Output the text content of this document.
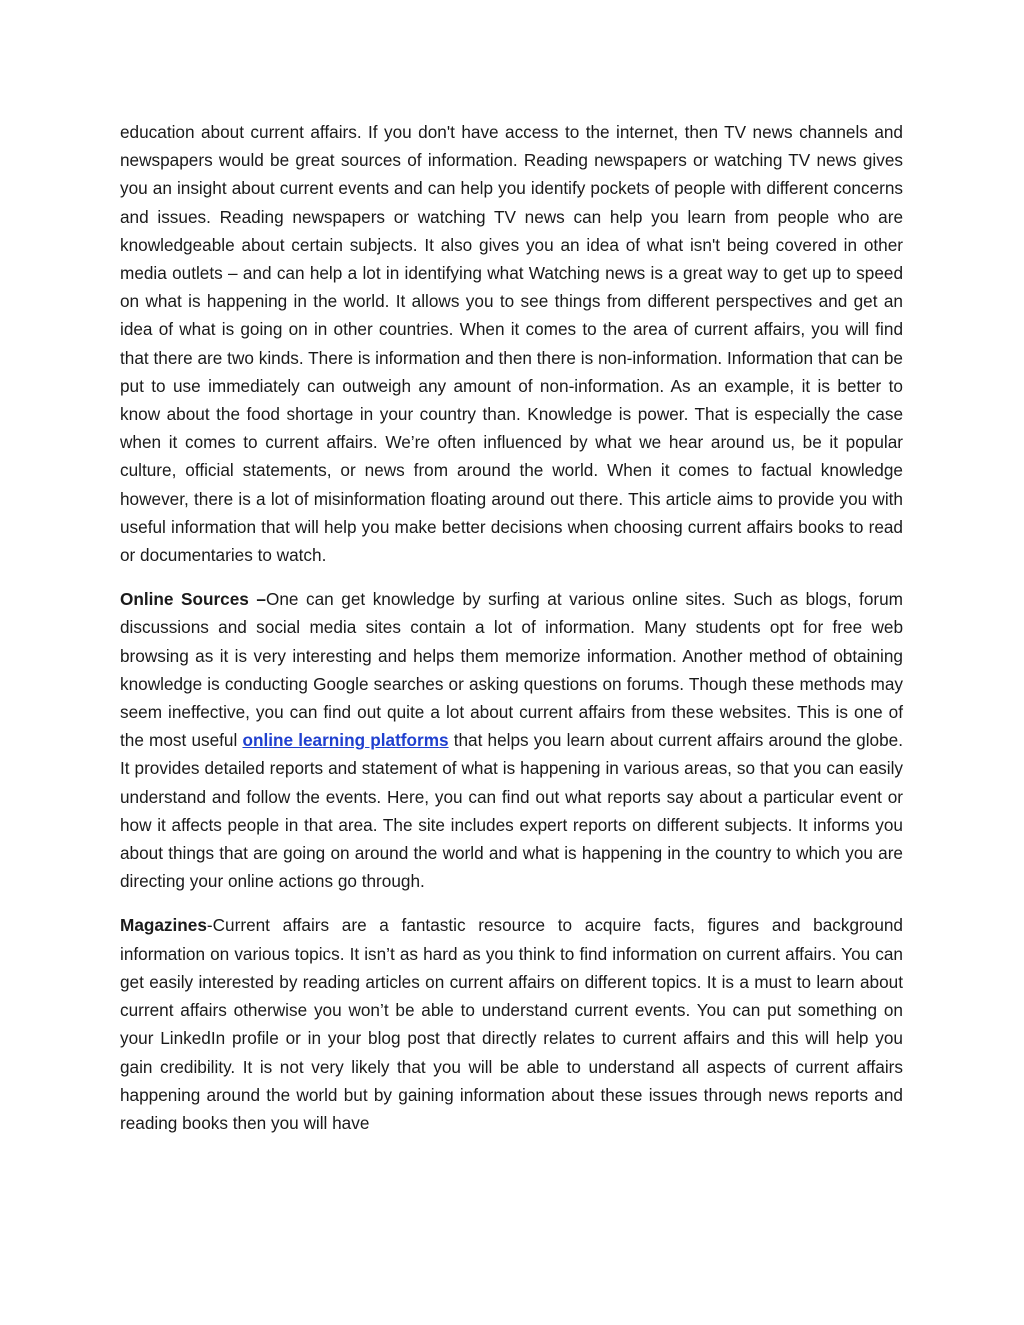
education about current affairs. If you don't have access to the internet, then TV news channels and newspapers would be great sources of information. Reading newspapers or watching TV news gives you an insight about current events and can help you identify pockets of people with different concerns and issues. Reading newspapers or watching TV news can help you learn from people who are knowledgeable about certain subjects. It also gives you an idea of what isn't being covered in other media outlets – and can help a lot in identifying what Watching news is a great way to get up to speed on what is happening in the world. It allows you to see things from different perspectives and get an idea of what is going on in other countries. When it comes to the area of current affairs, you will find that there are two kinds. There is information and then there is non-information. Information that can be put to use immediately can outweigh any amount of non-information. As an example, it is better to know about the food shortage in your country than. Knowledge is power. That is especially the case when it comes to current affairs. We’re often influenced by what we hear around us, be it popular culture, official statements, or news from around the world. When it comes to factual knowledge however, there is a lot of misinformation floating around out there. This article aims to provide you with useful information that will help you make better decisions when choosing current affairs books to read or documentaries to watch.

Online Sources –One can get knowledge by surfing at various online sites. Such as blogs, forum discussions and social media sites contain a lot of information. Many students opt for free web browsing as it is very interesting and helps them memorize information. Another method of obtaining knowledge is conducting Google searches or asking questions on forums. Though these methods may seem ineffective, you can find out quite a lot about current affairs from these websites. This is one of the most useful online learning platforms that helps you learn about current affairs around the globe. It provides detailed reports and statement of what is happening in various areas, so that you can easily understand and follow the events. Here, you can find out what reports say about a particular event or how it affects people in that area. The site includes expert reports on different subjects. It informs you about things that are going on around the world and what is happening in the country to which you are directing your online actions go through.

Magazines-Current affairs are a fantastic resource to acquire facts, figures and background information on various topics. It isn’t as hard as you think to find information on current affairs. You can get easily interested by reading articles on current affairs on different topics. It is a must to learn about current affairs otherwise you won’t be able to understand current events. You can put something on your LinkedIn profile or in your blog post that directly relates to current affairs and this will help you gain credibility. It is not very likely that you will be able to understand all aspects of current affairs happening around the world but by gaining information about these issues through news reports and reading books then you will have
